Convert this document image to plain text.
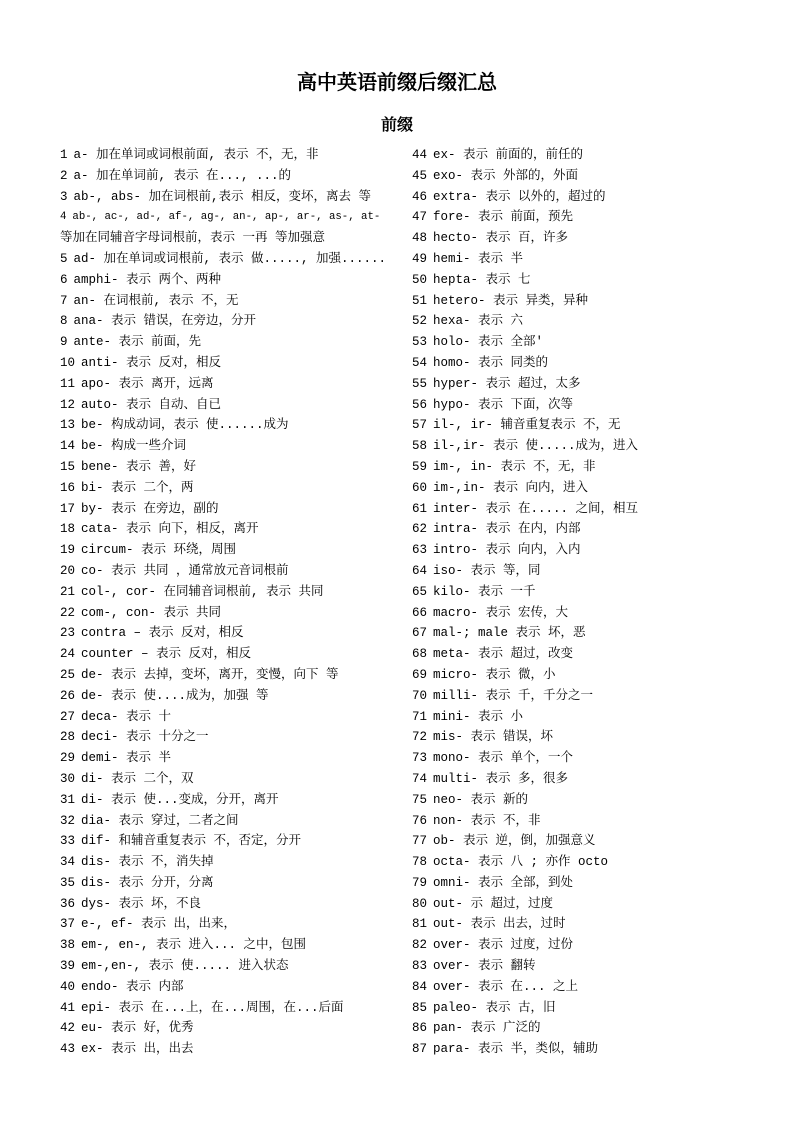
高中英语前缀后缀汇总
前缀
1 a- 加在单词或词根前面, 表示 不，无，非
2 a- 加在单词前, 表示 在..., ...的
3 ab-, abs- 加在词根前,表示 相反，变坏，离去 等
4 ab-, ac-, ad-, af-, ag-, an-, ap-, ar-, as-, at-
等加在同辅音字母词根前，表示 一再 等加强意
5 ad- 加在单词或词根前, 表示 做....., 加强......
6 amphi- 表示 两个、两种
7 an- 在词根前, 表示 不，无
8 ana- 表示 错误，在旁边，分开
9 ante- 表示 前面，先
10 anti- 表示 反对，相反
11 apo- 表示 离开，远离
12 auto- 表示 自动、自已
13 be- 构成动词，表示 使......成为
14 be- 构成一些介词
15 bene- 表示 善，好
16 bi- 表示 二个，两
17 by- 表示 在旁边，副的
18 cata- 表示 向下，相反，离开
19 circum- 表示 环绕，周围
20 co- 表示 共同 ，通常放元音词根前
21 col-, cor- 在同辅音词根前, 表示 共同
22 com-, con- 表示 共同
23 contra – 表示 反对，相反
24 counter – 表示 反对，相反
25 de- 表示 去掉，变坏，离开，变慢，向下 等
26 de- 表示 使....成为，加强 等
27 deca- 表示 十
28 deci- 表示 十分之一
29 demi- 表示 半
30 di- 表示 二个，双
31 di- 表示 使...变成，分开，离开
32 dia- 表示 穿过，二者之间
33 dif- 和辅音重复表示 不，否定，分开
34 dis- 表示 不，消失掉
35 dis- 表示 分开，分离
36 dys- 表示 坏，不良
37 e-, ef- 表示 出，出来，
38 em-, en-, 表示 进入... 之中，包围
39 em-,en-, 表示 使..... 进入状态
40 endo- 表示 内部
41 epi- 表示 在...上，在...周围，在...后面
42 eu- 表示 好，优秀
43 ex- 表示 出，出去
44 ex- 表示 前面的，前任的
45 exo- 表示 外部的，外面
46 extra- 表示 以外的，超过的
47 fore- 表示 前面，预先
48 hecto- 表示 百，许多
49 hemi- 表示 半
50 hepta- 表示 七
51 hetero- 表示 异类，异种
52 hexa- 表示 六
53 holo- 表示 全部'
54 homo- 表示 同类的
55 hyper- 表示 超过，太多
56 hypo- 表示 下面，次等
57 il-, ir- 辅音重复表示 不，无
58 il-,ir- 表示 使.....成为，进入
59 im-, in- 表示 不，无，非
60 im-,in- 表示 向内，进入
61 inter- 表示 在..... 之间，相互
62 intra- 表示 在内，内部
63 intro- 表示 向内，入内
64 iso- 表示 等，同
65 kilo- 表示 一千
66 macro- 表示 宏传，大
67 mal-; male 表示 坏，恶
68 meta- 表示 超过，改变
69 micro- 表示 微，小
70 milli- 表示 千，千分之一
71 mini- 表示 小
72 mis- 表示 错误，坏
73 mono- 表示 单个，一个
74 multi- 表示 多，很多
75 neo- 表示 新的
76 non- 表示 不，非
77 ob- 表示 逆，倒，加强意义
78 octa- 表示 八 ; 亦作 octo
79 omni- 表示 全部，到处
80 out- 示 超过，过度
81 out- 表示 出去，过时
82 over- 表示 过度，过份
83 over- 表示 翻转
84 over- 表示 在... 之上
85 paleo- 表示 古，旧
86 pan- 表示 广泛的
87 para- 表示 半，类似，辅助
